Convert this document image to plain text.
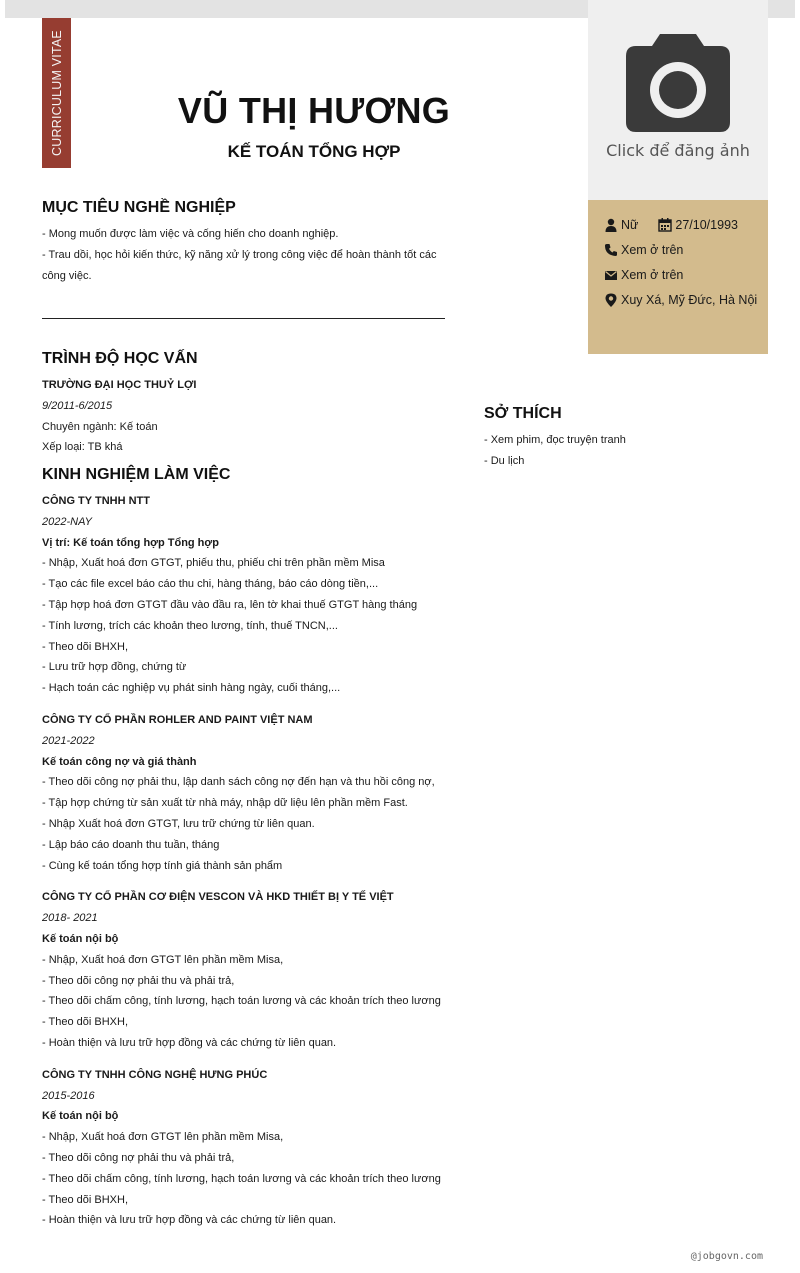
CURRICULUM VITAE	VŨ THỊ HƯƠNG
KẾ TOÁN TỔNG HỢP	Click để đăng ảnh
Nữ	27/10/1993
Xem ở trên
Xem ở trên
Xuy Xá, Mỹ Đức, Hà Nội
MỤC TIÊU NGHỀ NGHIỆP
- Mong muốn được làm việc và cống hiến cho doanh nghiệp.
- Trau dồi, học hỏi kiến thức, kỹ năng xử lý trong công việc để hoàn thành tốt các công việc.
TRÌNH ĐỘ HỌC VẤN
TRƯỜNG ĐẠI HỌC THUỶ LỢI
9/2011-6/2015
Chuyên ngành: Kế toán
Xếp loại: TB khá
KINH NGHIỆM LÀM VIỆC
CÔNG TY TNHH NTT
2022-NAY
Vị trí: Kế toán tổng hợp Tổng hợp
- Nhập, Xuất hoá đơn GTGT, phiếu thu, phiếu chi trên phần mềm Misa
- Tạo các file excel báo cáo thu chi, hàng tháng, báo cáo dòng tiền,...
- Tập hợp hoá đơn GTGT đầu vào đầu ra, lên tờ khai thuế GTGT hàng tháng
- Tính lương, trích các khoản theo lương, tính, thuế TNCN,...
- Theo dõi BHXH,
- Lưu trữ hợp đồng, chứng từ
- Hạch toán các nghiệp vụ phát sinh hàng ngày, cuối tháng,...
CÔNG TY CỔ PHẦN ROHLER AND PAINT VIỆT NAM
2021-2022
Kế toán công nợ và giá thành
- Theo dõi công nợ phải thu, lập danh sách công nợ đến hạn và thu hồi công nợ,
- Tập hợp chứng từ sản xuất từ nhà máy, nhập dữ liệu lên phần mềm Fast.
- Nhập Xuất hoá đơn GTGT, lưu trữ chứng từ liên quan.
- Lập báo cáo doanh thu tuần, tháng
- Cùng kế toán tổng hợp tính giá thành sản phẩm
CÔNG TY CỔ PHẦN CƠ ĐIỆN VESCON VÀ HKD THIẾT BỊ Y TẾ VIỆT
2018- 2021
Kế toán nội bộ
- Nhập, Xuất hoá đơn GTGT lên phần mềm Misa,
- Theo dõi công nợ phải thu và phải trả,
- Theo dõi chấm công, tính lương, hạch toán lương và các khoản trích theo lương
- Theo dõi BHXH,
- Hoàn thiện và lưu trữ hợp đồng và các chứng từ liên quan.
CÔNG TY TNHH CÔNG NGHỆ HƯNG PHÚC
2015-2016
Kế toán nội bộ
- Nhập, Xuất hoá đơn GTGT lên phần mềm Misa,
- Theo dõi công nợ phải thu và phải trả,
- Theo dõi chấm công, tính lương, hạch toán lương và các khoản trích theo lương
- Theo dõi BHXH,
- Hoàn thiện và lưu trữ hợp đồng và các chứng từ liên quan.
SỞ THÍCH
- Xem phim, đọc truyện tranh
- Du lịch
@jobgovn.com
